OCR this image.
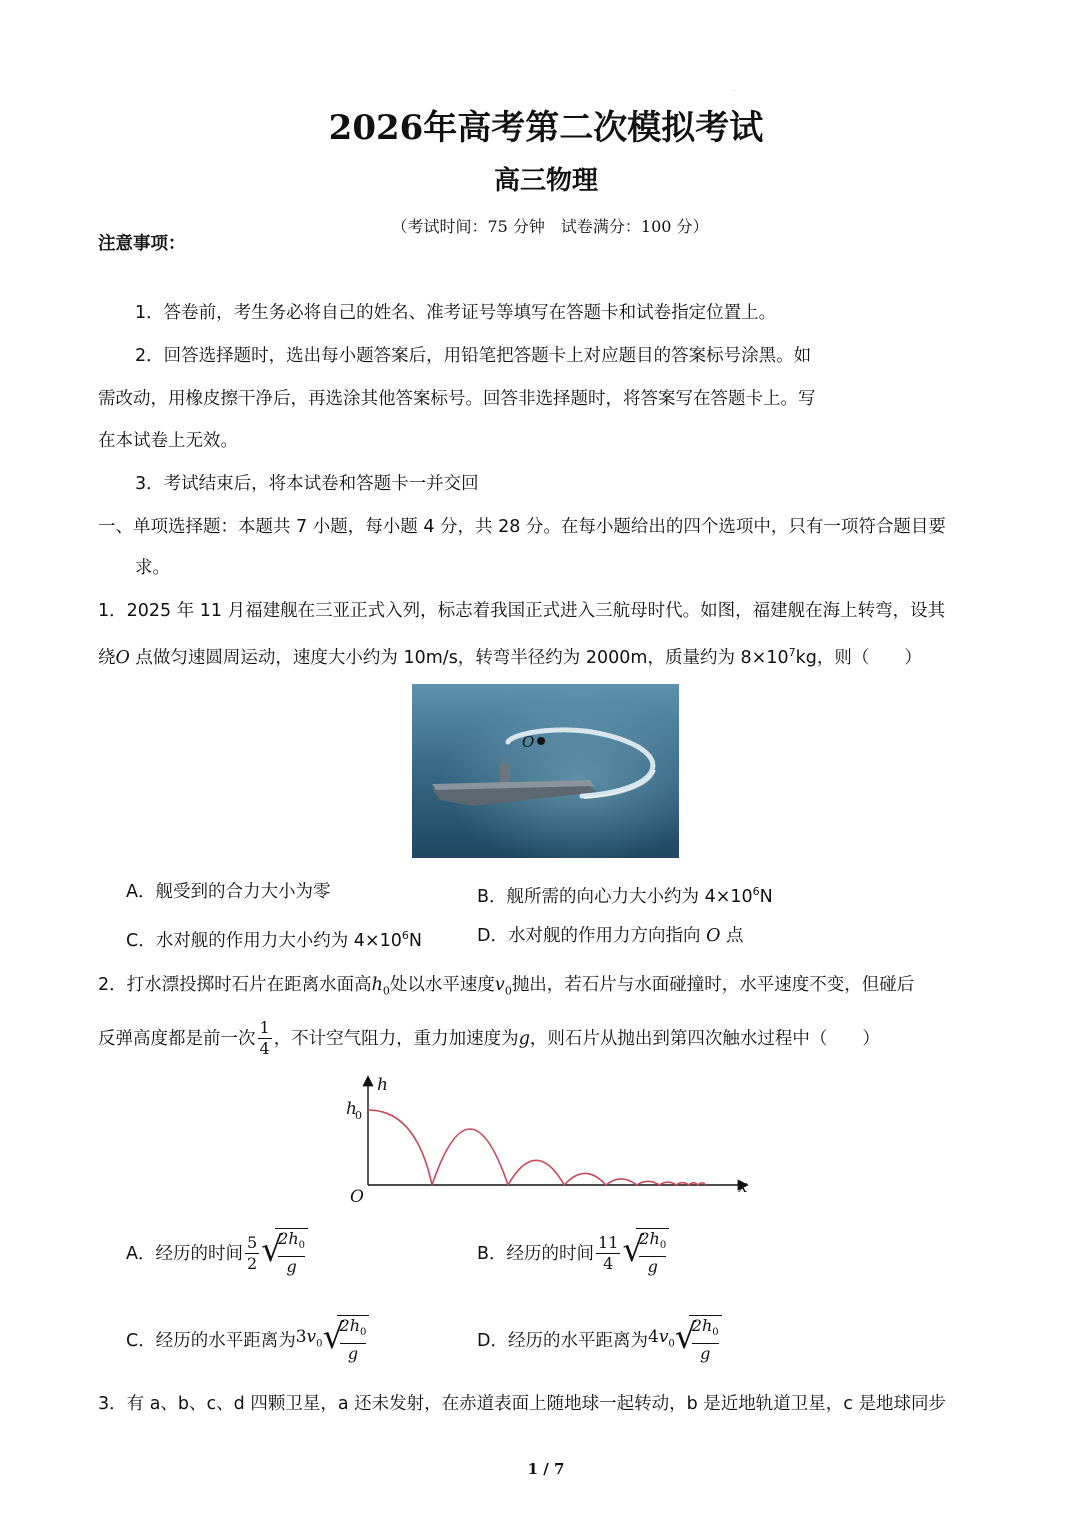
·
2026年高考第二次模拟考试
高三物理
（考试时间：75 分钟　试卷满分：100 分）
注意事项：
1．答卷前，考生务必将自己的姓名、准考证号等填写在答题卡和试卷指定位置上。
2．回答选择题时，选出每小题答案后，用铅笔把答题卡上对应题目的答案标号涂黑。如
需改动，用橡皮擦干净后，再选涂其他答案标号。回答非选择题时，将答案写在答题卡上。写
在本试卷上无效。
3．考试结束后，将本试卷和答题卡一并交回
一、单项选择题：本题共 7 小题，每小题 4 分，共 28 分。在每小题给出的四个选项中，只有一项符合题目要
求。
1．2025 年 11 月福建舰在三亚正式入列，标志着我国正式进入三航母时代。如图，福建舰在海上转弯，设其
绕O 点做匀速圆周运动，速度大小约为 10m/s，转弯半径约为 2000m，质量约为 $8\times 10^7kg$，则（　　）
O
A．舰受到的合力大小为零	B．舰所需的向心力大小约为 $4\times 10^6N$
C．水对舰的作用力大小约为 $4\times 10^6N$	D．水对舰的作用力方向指向 O 点
2．打水漂投掷时石片在距离水面高$h_0$处以水平速度$v_0$抛出，若石片与水面碰撞时，水平速度不变，但碰后
反弹高度都是前一次 $\frac{1}{4}$ ，不计空气阻力，重力加速度为 g ，则石片从抛出到第四次触水过程中（　　）
h
x
O
h
0
A．经历的时间 $\frac{5}{2}$ √
$\frac{2h_0}{g}$	B．经历的时间 $\frac{11}{4}$ √
$\frac{2h_0}{g}$
C．经历的水平距离为 $3v_0$ √
$\frac{2h_0}{g}$	D．经历的水平距离为 $4v_0$ √
$\frac{2h_0}{g}$
3．有 a、b、c、d 四颗卫星，a 还未发射，在赤道表面上随地球一起转动，b 是近地轨道卫星，c 是地球同步
1 / 7
